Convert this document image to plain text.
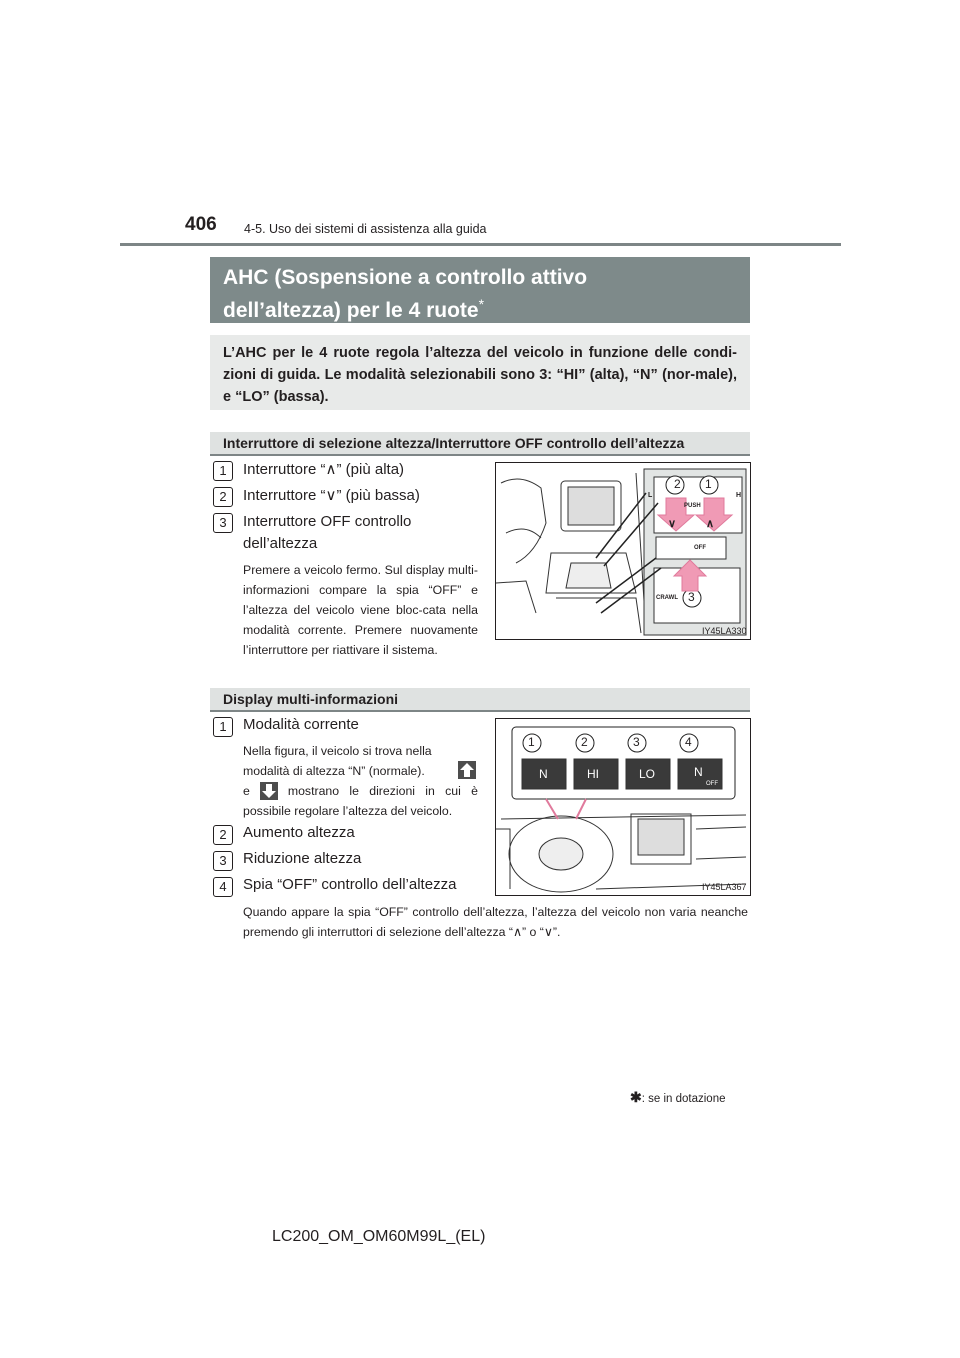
406 4-5. Uso dei sistemi di assistenza alla guida
AHC (Sospensione a controllo attivo
dell’altezza) per le 4 ruote*
L’AHC per le 4 ruote regola l’altezza del veicolo in funzione delle condi-zioni di guida. Le modalità selezionabili sono 3: “HI” (alta), “N” (nor-male), e “LO” (bassa).
Interruttore di selezione altezza/Interruttore OFF controllo dell’altezza
1	Interruttore “∧” (più alta)
2	Interruttore “∨” (più bassa)
3	Interruttore OFF controllo
dell’altezza
Premere a veicolo fermo. Sul display multi-informazioni compare la spia “OFF” e l’altezza del veicolo viene bloc-cata nella modalità corrente. Premere nuovamente l’interruttore per riattivare il sistema.
2 1
3
L	H
PUSH
∨	∧
OFF
CRAWL
IY45LA330
Display multi-informazioni
1	Modalità corrente
Nella figura, il veicolo si trova nella
modalità di altezza “N” (normale).
e	mostrano le direzioni in cui è
possibile regolare l’altezza del veicolo.
2	Aumento altezza
3	Riduzione altezza
4	Spia “OFF” controllo dell’altezza
Quando appare la spia “OFF” controllo dell’altezza, l’altezza del veicolo non varia neanche premendo gli interruttori di selezione dell’altezza “∧” o “∨”.
1	2	3	4
N	HI	LO	N
OFF
IY45LA367
✱: se in dotazione
LC200_OM_OM60M99L_(EL)
